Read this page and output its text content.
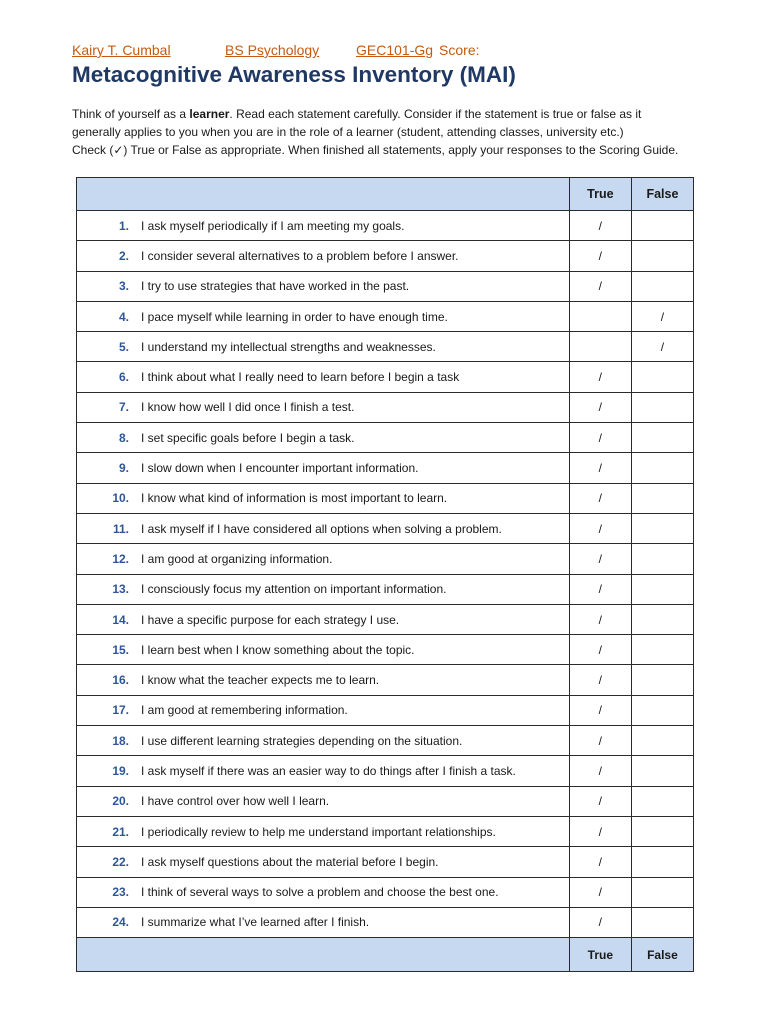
Kairy T. Cumbal	BS Psychology	GEC101-Gg Score:
Metacognitive Awareness Inventory (MAI)

Think of yourself as a learner. Read each statement carefully. Consider if the statement is true or false as it

generally applies to you when you are in the role of a learner (student, attending classes, university etc.)

Check (✓) True or False as appropriate. When finished all statements, apply your responses to the Scoring Guide.

	True	False
1. I ask myself periodically if I am meeting my goals.	/	
2. I consider several alternatives to a problem before I answer.	/	
3. I try to use strategies that have worked in the past.	/	
4. I pace myself while learning in order to have enough time.		/
5. I understand my intellectual strengths and weaknesses.		/
6. I think about what I really need to learn before I begin a task	/	
7. I know how well I did once I finish a test.	/	
8. I set specific goals before I begin a task.	/	
9. I slow down when I encounter important information.	/	
10. I know what kind of information is most important to learn.	/	
11. I ask myself if I have considered all options when solving a problem.	/	
12. I am good at organizing information.	/	
13. I consciously focus my attention on important information.	/	
14. I have a specific purpose for each strategy I use.	/	
15. I learn best when I know something about the topic.	/	
16. I know what the teacher expects me to learn.	/	
17. I am good at remembering information.	/	
18. I use different learning strategies depending on the situation.	/	
19. I ask myself if there was an easier way to do things after I finish a task.	/	
20. I have control over how well I learn.	/	
21. I periodically review to help me understand important relationships.	/	
22. I ask myself questions about the material before I begin.	/	
23. I think of several ways to solve a problem and choose the best one.	/	
24. I summarize what I’ve learned after I finish.	/	
	True	False
